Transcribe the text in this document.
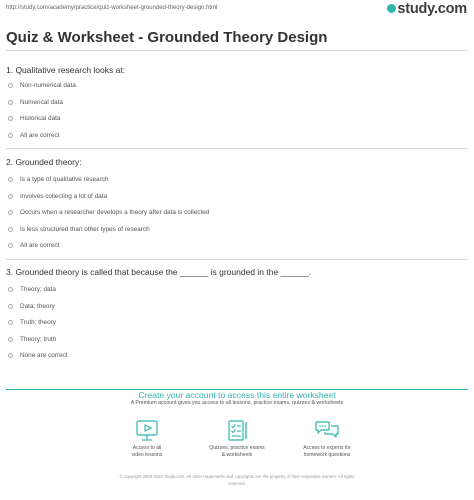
http://study.com/academy/practice/quiz-worksheet-grounded-theory-design.html	study.com
Quiz & Worksheet - Grounded Theory Design
1. Qualitative research looks at:
Non-numerical data
Numerical data
Historical data
All are correct
2. Grounded theory:
Is a type of qualitative research
Involves collecting a lot of data
Occurs when a researcher develops a theory after data is collected
Is less structured than other types of research
All are correct
3. Grounded theory is called that because the ______ is grounded in the ______.
Theory; data
Data; theory
Truth; theory
Theory; truth
None are correct
Create your account to access this entire worksheet
A Premium account gives you access to all lessons, practice exams, quizzes & worksheets
Access to all
video lessons
Quizzes, practice exams
& worksheets
Access to experts for
homework questions
© copyright 2003-2020 Study.com. All other trademarks and copyrights are the property of their respective owners. All rights
reserved.
